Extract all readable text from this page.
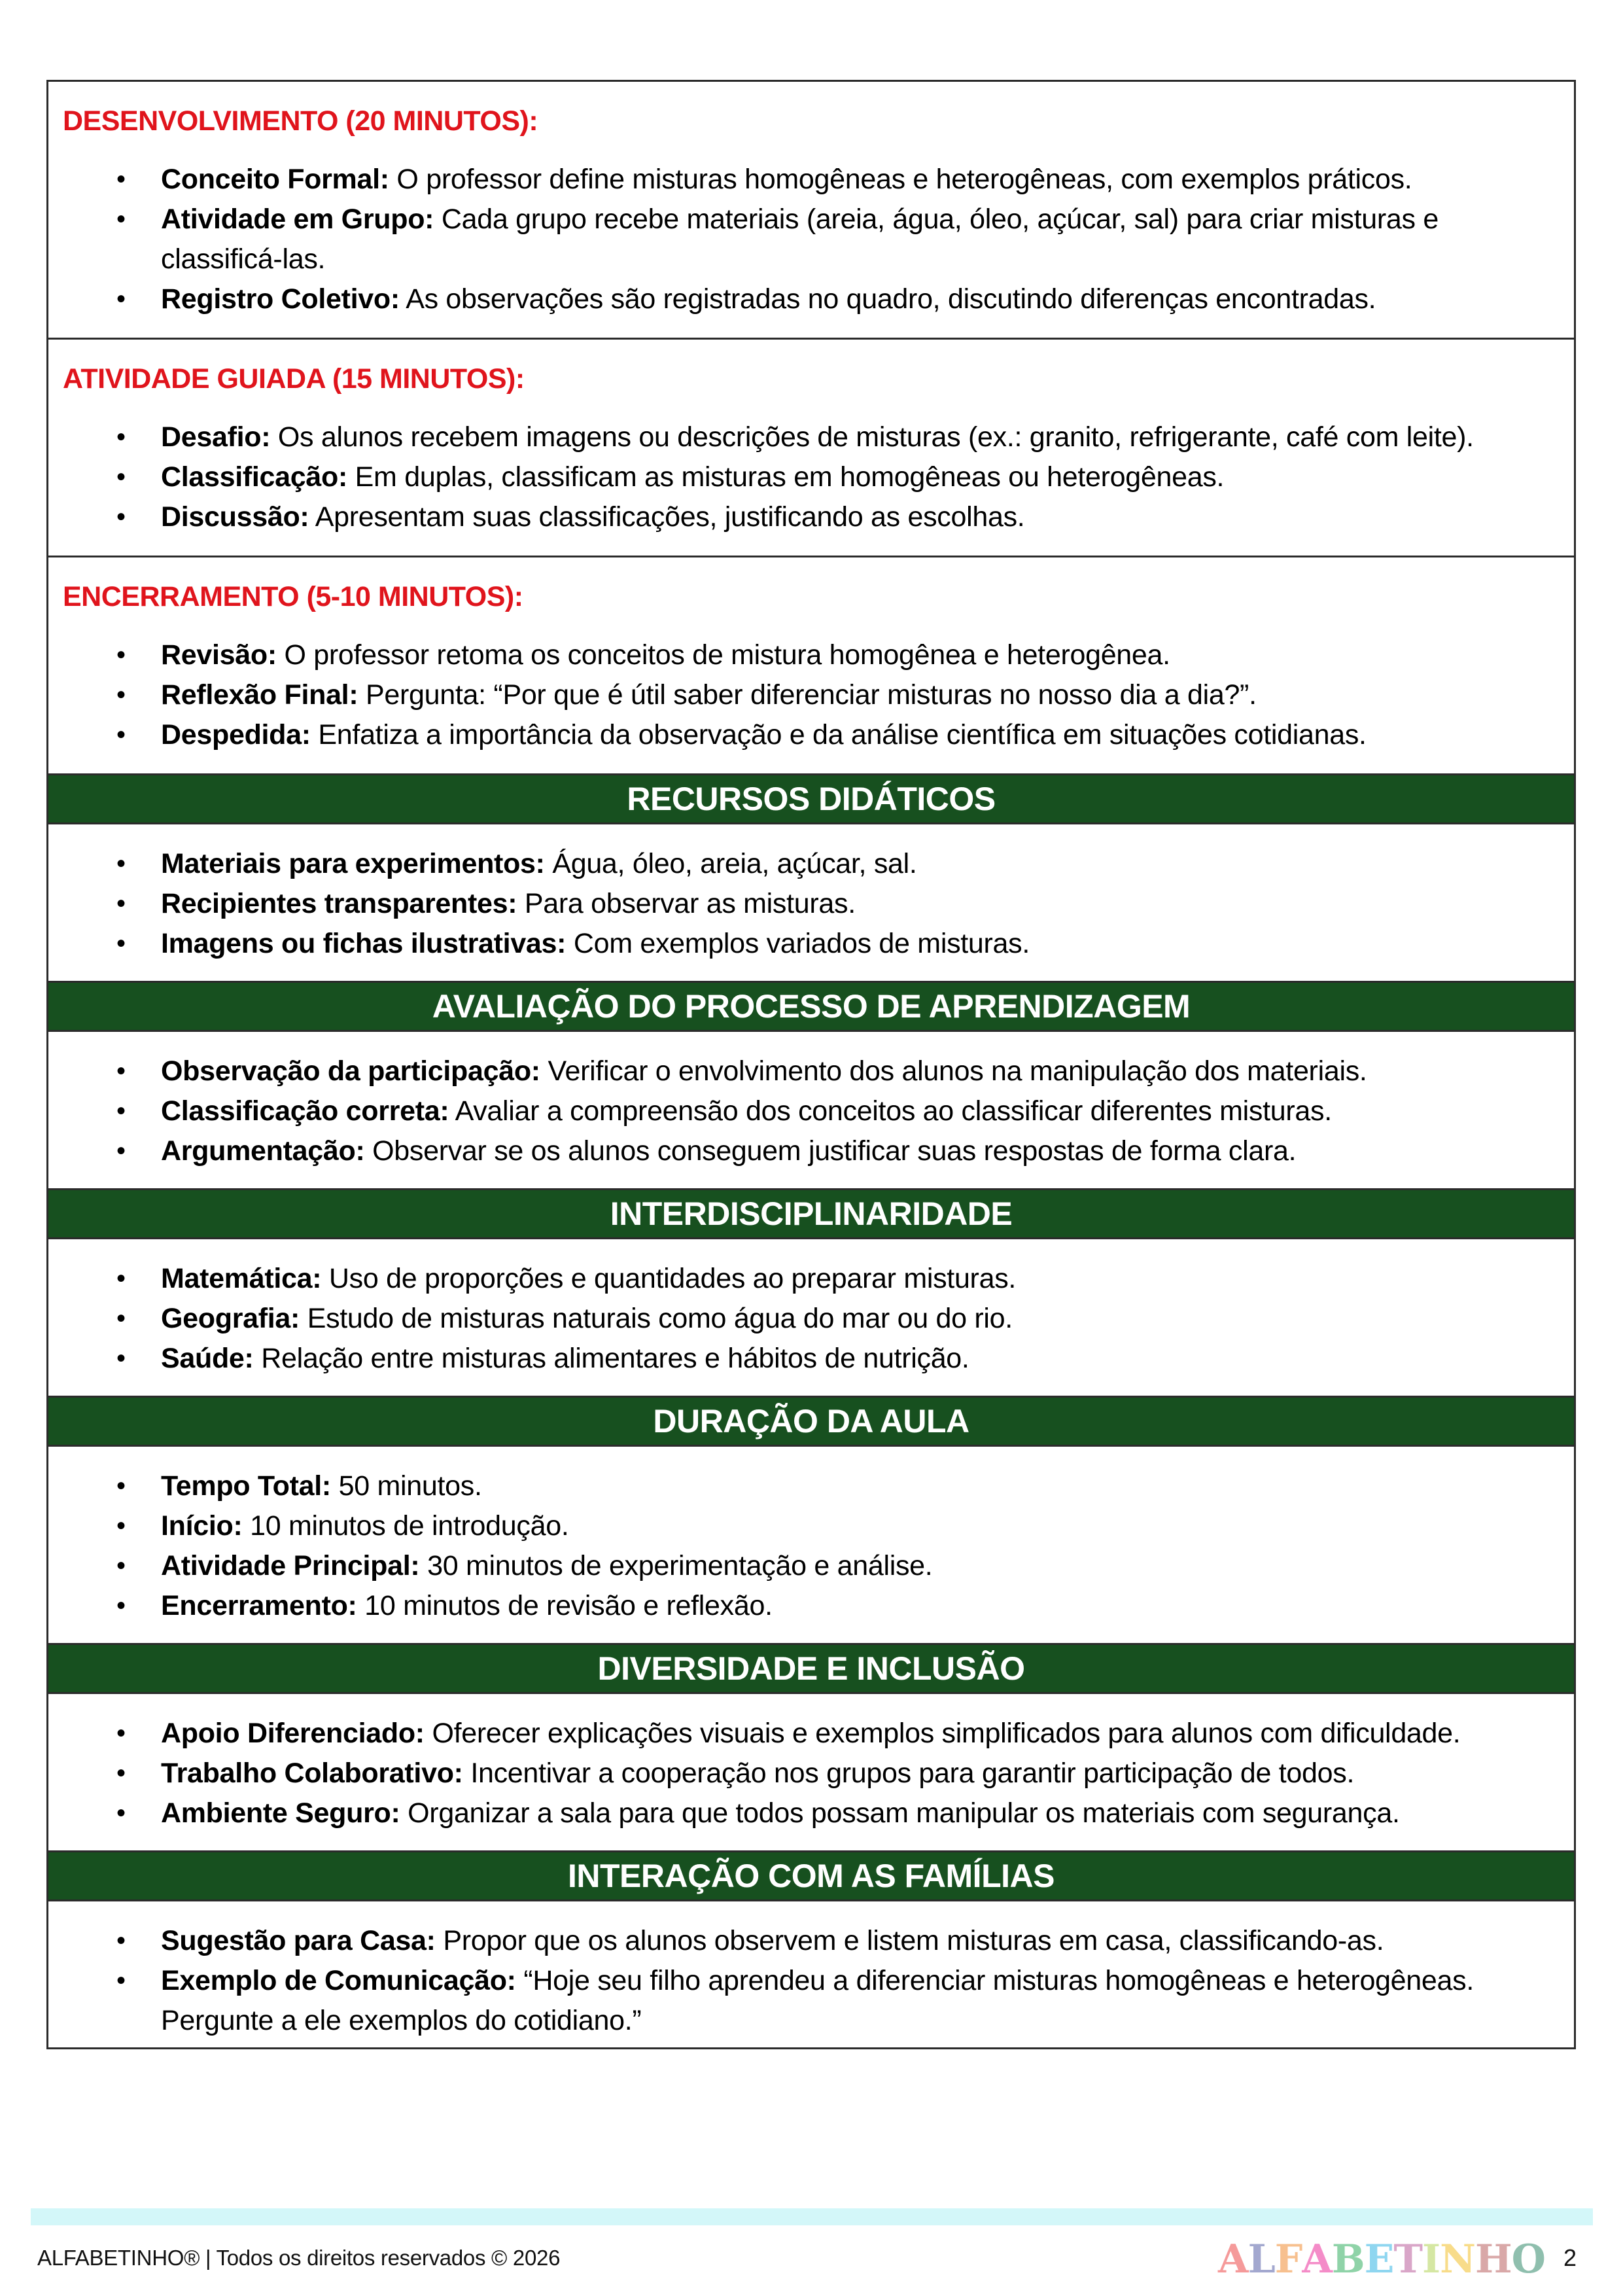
DESENVOLVIMENTO (20 MINUTOS):
• Conceito Formal: O professor define misturas homogêneas e heterogêneas, com exemplos práticos.
• Atividade em Grupo: Cada grupo recebe materiais (areia, água, óleo, açúcar, sal) para criar misturas e classificá-las.
• Registro Coletivo: As observações são registradas no quadro, discutindo diferenças encontradas.
ATIVIDADE GUIADA (15 MINUTOS):
• Desafio: Os alunos recebem imagens ou descrições de misturas (ex.: granito, refrigerante, café com leite).
• Classificação: Em duplas, classificam as misturas em homogêneas ou heterogêneas.
• Discussão: Apresentam suas classificações, justificando as escolhas.
ENCERRAMENTO (5-10 MINUTOS):
• Revisão: O professor retoma os conceitos de mistura homogênea e heterogênea.
• Reflexão Final: Pergunta: “Por que é útil saber diferenciar misturas no nosso dia a dia?”.
• Despedida: Enfatiza a importância da observação e da análise científica em situações cotidianas.
RECURSOS DIDÁTICOS
• Materiais para experimentos: Água, óleo, areia, açúcar, sal.
• Recipientes transparentes: Para observar as misturas.
• Imagens ou fichas ilustrativas: Com exemplos variados de misturas.
AVALIAÇÃO DO PROCESSO DE APRENDIZAGEM
• Observação da participação: Verificar o envolvimento dos alunos na manipulação dos materiais.
• Classificação correta: Avaliar a compreensão dos conceitos ao classificar diferentes misturas.
• Argumentação: Observar se os alunos conseguem justificar suas respostas de forma clara.
INTERDISCIPLINARIDADE
• Matemática: Uso de proporções e quantidades ao preparar misturas.
• Geografia: Estudo de misturas naturais como água do mar ou do rio.
• Saúde: Relação entre misturas alimentares e hábitos de nutrição.
DURAÇÃO DA AULA
• Tempo Total: 50 minutos.
• Início: 10 minutos de introdução.
• Atividade Principal: 30 minutos de experimentação e análise.
• Encerramento: 10 minutos de revisão e reflexão.
DIVERSIDADE E INCLUSÃO
• Apoio Diferenciado: Oferecer explicações visuais e exemplos simplificados para alunos com dificuldade.
• Trabalho Colaborativo: Incentivar a cooperação nos grupos para garantir participação de todos.
• Ambiente Seguro: Organizar a sala para que todos possam manipular os materiais com segurança.
INTERAÇÃO COM AS FAMÍLIAS
• Sugestão para Casa: Propor que os alunos observem e listem misturas em casa, classificando-as.
• Exemplo de Comunicação: “Hoje seu filho aprendeu a diferenciar misturas homogêneas e heterogêneas. Pergunte a ele exemplos do cotidiano.”
ALFABETINHO® | Todos os direitos reservados © 2026	ALFABETINHO 2
